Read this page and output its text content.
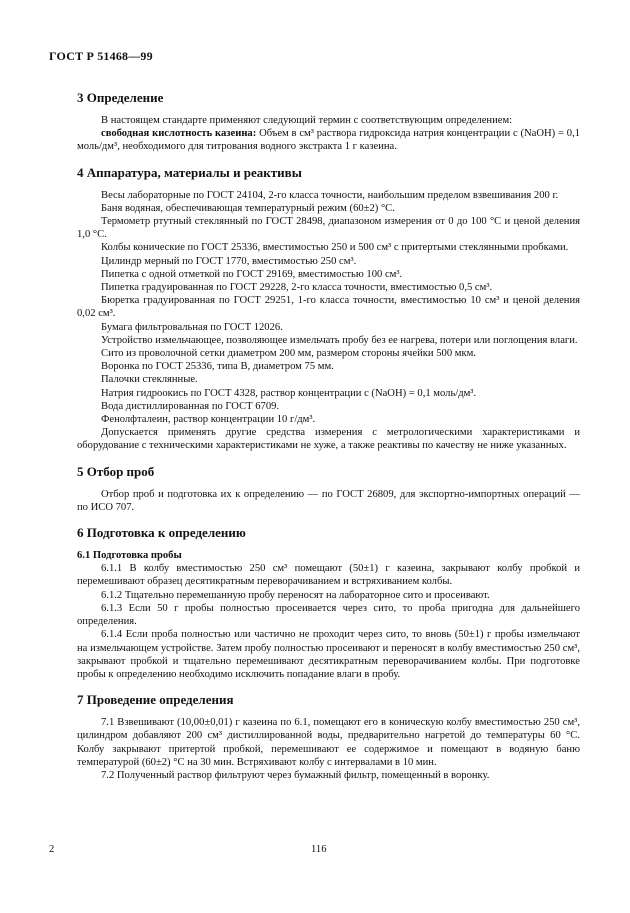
ГОСТ Р 51468—99
3 Определение

В настоящем стандарте применяют следующий термин с соответствующим определением:

свободная кислотность казеина: Объем в см³ раствора гидроксида натрия концентрации c (NaOH) = 0,1 моль/дм³, необходимого для титрования водного экстракта 1 г казеина.

4 Аппаратура, материалы и реактивы

Весы лабораторные по ГОСТ 24104, 2-го класса точности, наибольшим пределом взвешивания 200 г.

Баня водяная, обеспечивающая температурный режим (60±2) °С.

Термометр ртутный стеклянный по ГОСТ 28498, диапазоном измерения от 0 до 100 °С и ценой деления 1,0 °С.

Колбы конические по ГОСТ 25336, вместимостью 250 и 500 см³ с притертыми стеклянными пробками.

Цилиндр мерный по ГОСТ 1770, вместимостью 250 см³.

Пипетка с одной отметкой по ГОСТ 29169, вместимостью 100 см³.

Пипетка градуированная по ГОСТ 29228, 2-го класса точности, вместимостью 0,5 см³.

Бюретка градуированная по ГОСТ 29251, 1-го класса точности, вместимостью 10 см³ и ценой деления 0,02 см³.

Бумага фильтровальная по ГОСТ 12026.

Устройство измельчающее, позволяющее измельчать пробу без ее нагрева, потери или поглощения влаги.

Сито из проволочной сетки диаметром 200 мм, размером стороны ячейки 500 мкм.

Воронка по ГОСТ 25336, типа В, диаметром 75 мм.

Палочки стеклянные.

Натрия гидроокись по ГОСТ 4328, раствор концентрации c (NaOH) = 0,1 моль/дм³.

Вода дистиллированная по ГОСТ 6709.

Фенолфталеин, раствор концентрации 10 г/дм³.

Допускается применять другие средства измерения с метрологическими характеристиками и оборудование с техническими характеристиками не хуже, а также реактивы по качеству не ниже указанных.

5 Отбор проб

Отбор проб и подготовка их к определению — по ГОСТ 26809, для экспортно-импортных операций — по ИСО 707.

6 Подготовка к определению
6.1 Подготовка пробы

6.1.1 В колбу вместимостью 250 см³ помещают (50±1) г казеина, закрывают колбу пробкой и перемешивают образец десятикратным переворачиванием и встряхиванием колбы.

6.1.2 Тщательно перемешанную пробу переносят на лабораторное сито и просеивают.

6.1.3 Если 50 г пробы полностью просеивается через сито, то проба пригодна для дальнейшего определения.

6.1.4 Если проба полностью или частично не проходит через сито, то вновь (50±1) г пробы измельчают на измельчающем устройстве. Затем пробу полностью просеивают и переносят в колбу вместимостью 250 см³, закрывают пробкой и тщательно перемешивают десятикратным переворачиванием колбы. При подготовке пробы к определению необходимо исключить попадание влаги в пробу.

7 Проведение определения

7.1 Взвешивают (10,00±0,01) г казеина по 6.1, помещают его в коническую колбу вместимостью 250 см³, цилиндром добавляют 200 см³ дистиллированной воды, предварительно нагретой до температуры 60 °С. Колбу закрывают притертой пробкой, перемешивают ее содержимое и помещают в водяную баню температурой (60±2) °С на 30 мин. Встряхивают колбу с интервалами в 10 мин.

7.2 Полученный раствор фильтруют через бумажный фильтр, помещенный в воронку.

2	116
